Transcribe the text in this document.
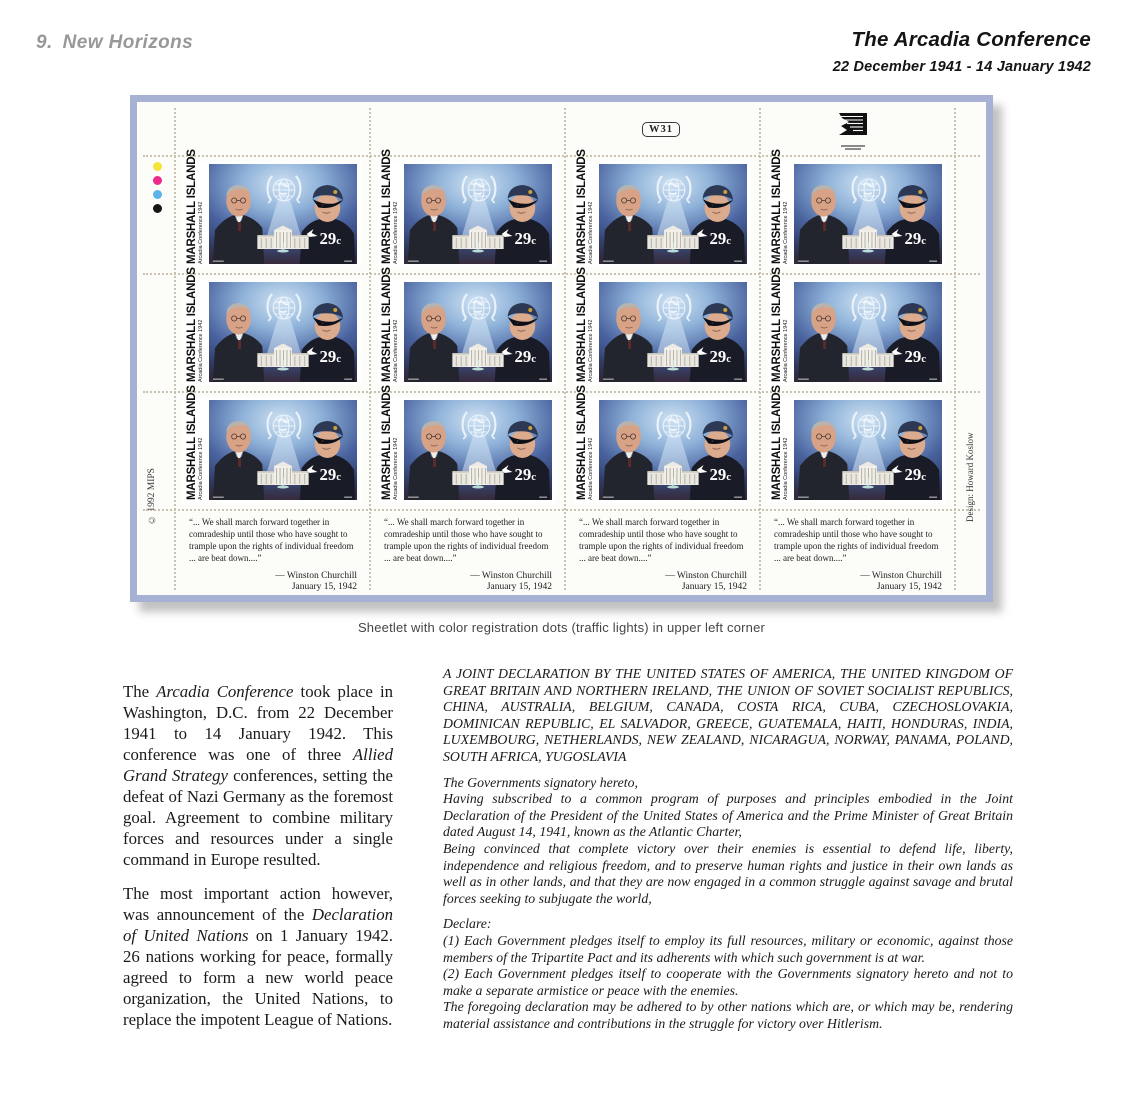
9. New Horizons	The Arcadia Conference
22 December 1941 - 14 January 1942
W31
MARSHALL ISLANDS Arcadia Conference 1942	29c	MARSHALL ISLANDS Arcadia Conference 1942	29c	MARSHALL ISLANDS Arcadia Conference 1942	29c	MARSHALL ISLANDS Arcadia Conference 1942	29c
MARSHALL ISLANDS Arcadia Conference 1942	29c	MARSHALL ISLANDS Arcadia Conference 1942	29c	MARSHALL ISLANDS Arcadia Conference 1942	29c	MARSHALL ISLANDS Arcadia Conference 1942	29c
MARSHALL ISLANDS Arcadia Conference 1942	29c	MARSHALL ISLANDS Arcadia Conference 1942	29c	MARSHALL ISLANDS Arcadia Conference 1942	29c	MARSHALL ISLANDS Arcadia Conference 1942	29c

“... We shall march forward together in comradeship until those who have sought to trample upon the rights of individual freedom ... are beat down....”

— Winston Churchill

January 15, 1942

“... We shall march forward together in comradeship until those who have sought to trample upon the rights of individual freedom ... are beat down....”

— Winston Churchill

January 15, 1942

“... We shall march forward together in comradeship until those who have sought to trample upon the rights of individual freedom ... are beat down....”

— Winston Churchill

January 15, 1942

“... We shall march forward together in comradeship until those who have sought to trample upon the rights of individual freedom ... are beat down....”

— Winston Churchill

January 15, 1942

© 1992 MIPS	Design: Howard Koslow
Sheetlet with color registration dots (traffic lights) in upper left corner

The Arcadia Conference took place in Washington, D.C. from 22 December 1941 to 14 January 1942. This conference was one of three Allied Grand Strategy conferences, setting the defeat of Nazi Germany as the foremost goal. Agreement to combine military forces and resources under a single command in Europe resulted.

The most important action however, was announcement of the Declaration of United Nations on 1 January 1942. 26 nations working for peace, formally agreed to form a new world peace organization, the United Nations, to replace the impotent League of Nations.

A JOINT DECLARATION BY THE UNITED STATES OF AMERICA, THE UNITED KINGDOM OF GREAT BRITAIN AND NORTHERN IRELAND, THE UNION OF SOVIET SOCIALIST REPUBLICS, CHINA, AUSTRALIA, BELGIUM, CANADA, COSTA RICA, CUBA, CZECHOSLOVAKIA, DOMINICAN REPUBLIC, EL SALVADOR, GREECE, GUATEMALA, HAITI, HONDURAS, INDIA, LUXEMBOURG, NETHERLANDS, NEW ZEALAND, NICARAGUA, NORWAY, PANAMA, POLAND, SOUTH AFRICA, YUGOSLAVIA

The Governments signatory hereto,

Having subscribed to a common program of purposes and principles embodied in the Joint Declaration of the President of the United States of America and the Prime Minister of Great Britain dated August 14, 1941, known as the Atlantic Charter,

Being convinced that complete victory over their enemies is essential to defend life, liberty, independence and religious freedom, and to preserve human rights and justice in their own lands as well as in other lands, and that they are now engaged in a common struggle against savage and brutal forces seeking to subjugate the world,

Declare:

(1) Each Government pledges itself to employ its full resources, military or economic, against those members of the Tripartite Pact and its adherents with which such government is at war.

(2) Each Government pledges itself to cooperate with the Governments signatory hereto and not to make a separate armistice or peace with the enemies.

The foregoing declaration may be adhered to by other nations which are, or which may be, rendering material assistance and contributions in the struggle for victory over Hitlerism.
